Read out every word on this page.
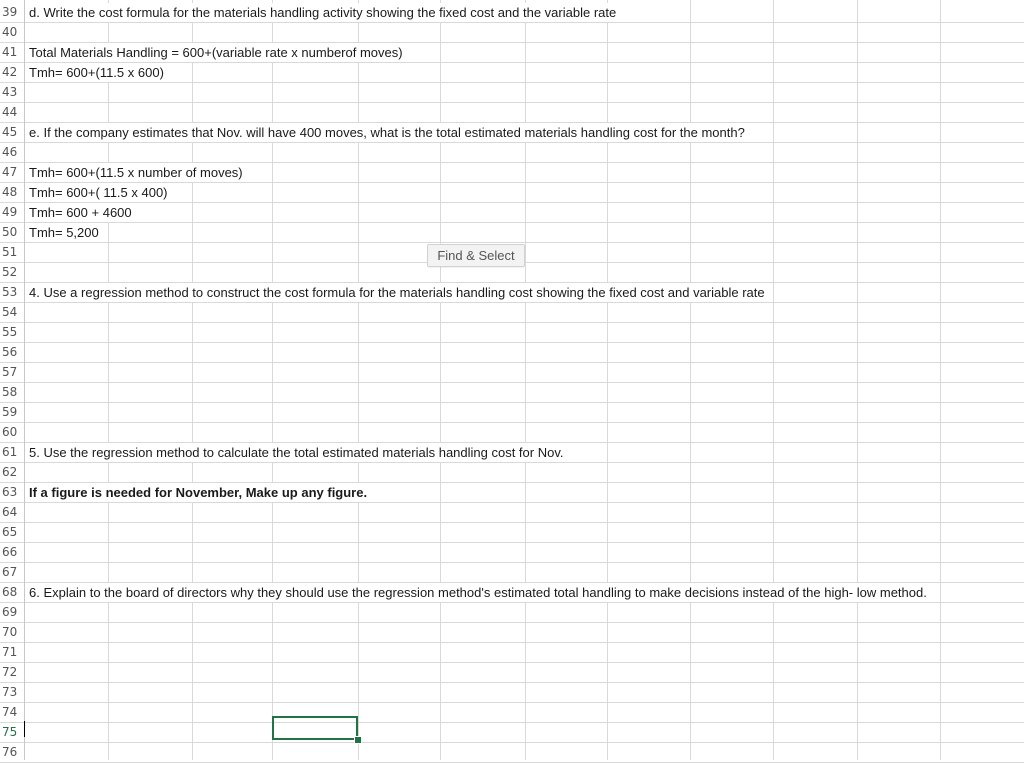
39
40
41
42
43
44
45
46
47
48
49
50
51
52
53
54
55
56
57
58
59
60
61
62
63
64
65
66
67
68
69
70
71
72
73
74
75
76
d. Write the cost formula for the materials handling activity showing the fixed cost and the variable rate
Total Materials Handling = 600+(variable rate x numberof moves)
Tmh= 600+(11.5 x 600)
e. If the company estimates that Nov. will have 400 moves, what is the total estimated materials handling cost for the month?
Tmh= 600+(11.5 x number of moves)
Tmh= 600+( 11.5 x 400)
Tmh= 600 + 4600
Tmh= 5,200
4. Use a regression method to construct the cost formula for the materials handling cost showing the fixed cost and variable rate
5. Use the regression method to calculate the total estimated materials handling cost for Nov.
If a figure is needed for November, Make up any figure.
6. Explain to the board of directors why they should use the regression method's estimated total handling to make decisions instead of the high- low method.
Find & Select
